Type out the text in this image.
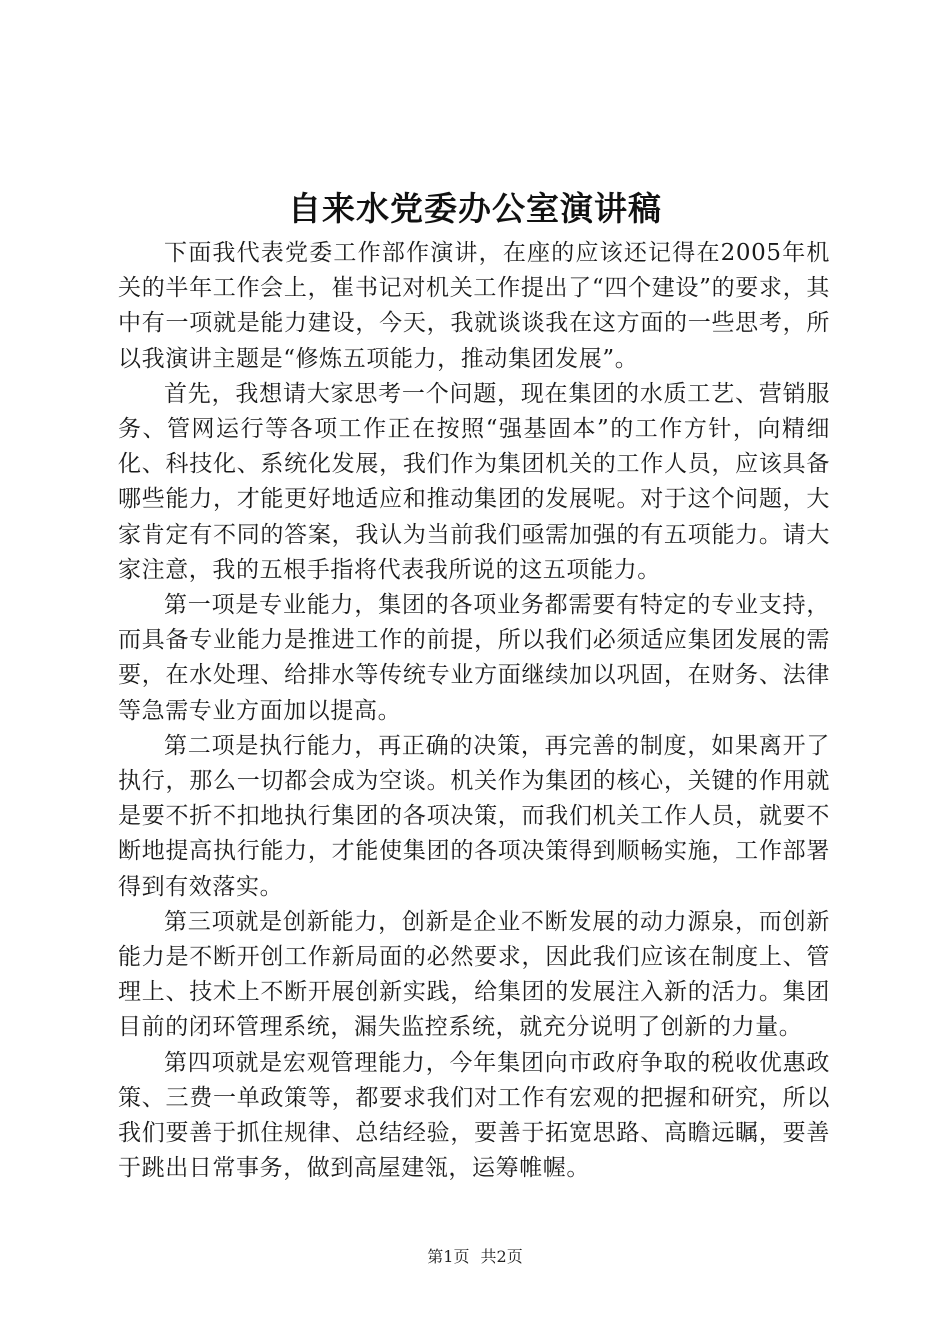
自来水党委办公室演讲稿

下面我代表党委工作部作演讲，在座的应该还记得在2005年机关的半年工作会上，崔书记对机关工作提出了“四个建设”的要求，其中有一项就是能力建设，今天，我就谈谈我在这方面的一些思考，所以我演讲主题是“修炼五项能力，推动集团发展”。

首先，我想请大家思考一个问题，现在集团的水质工艺、营销服务、管网运行等各项工作正在按照“强基固本”的工作方针，向精细化、科技化、系统化发展，我们作为集团机关的工作人员，应该具备哪些能力，才能更好地适应和推动集团的发展呢。对于这个问题，大家肯定有不同的答案，我认为当前我们亟需加强的有五项能力。请大家注意，我的五根手指将代表我所说的这五项能力。

第一项是专业能力，集团的各项业务都需要有特定的专业支持，而具备专业能力是推进工作的前提，所以我们必须适应集团发展的需要，在水处理、给排水等传统专业方面继续加以巩固，在财务、法律等急需专业方面加以提高。

第二项是执行能力，再正确的决策，再完善的制度，如果离开了执行，那么一切都会成为空谈。机关作为集团的核心，关键的作用就是要不折不扣地执行集团的各项决策，而我们机关工作人员，就要不断地提高执行能力，才能使集团的各项决策得到顺畅实施，工作部署得到有效落实。

第三项就是创新能力，创新是企业不断发展的动力源泉，而创新能力是不断开创工作新局面的必然要求，因此我们应该在制度上、管理上、技术上不断开展创新实践，给集团的发展注入新的活力。集团目前的闭环管理系统，漏失监控系统，就充分说明了创新的力量。

第四项就是宏观管理能力，今年集团向市政府争取的税收优惠政策、三费一单政策等，都要求我们对工作有宏观的把握和研究，所以我们要善于抓住规律、总结经验，要善于拓宽思路、高瞻远瞩，要善于跳出日常事务，做到高屋建瓴，运筹帷幄。

第1页 共2页
